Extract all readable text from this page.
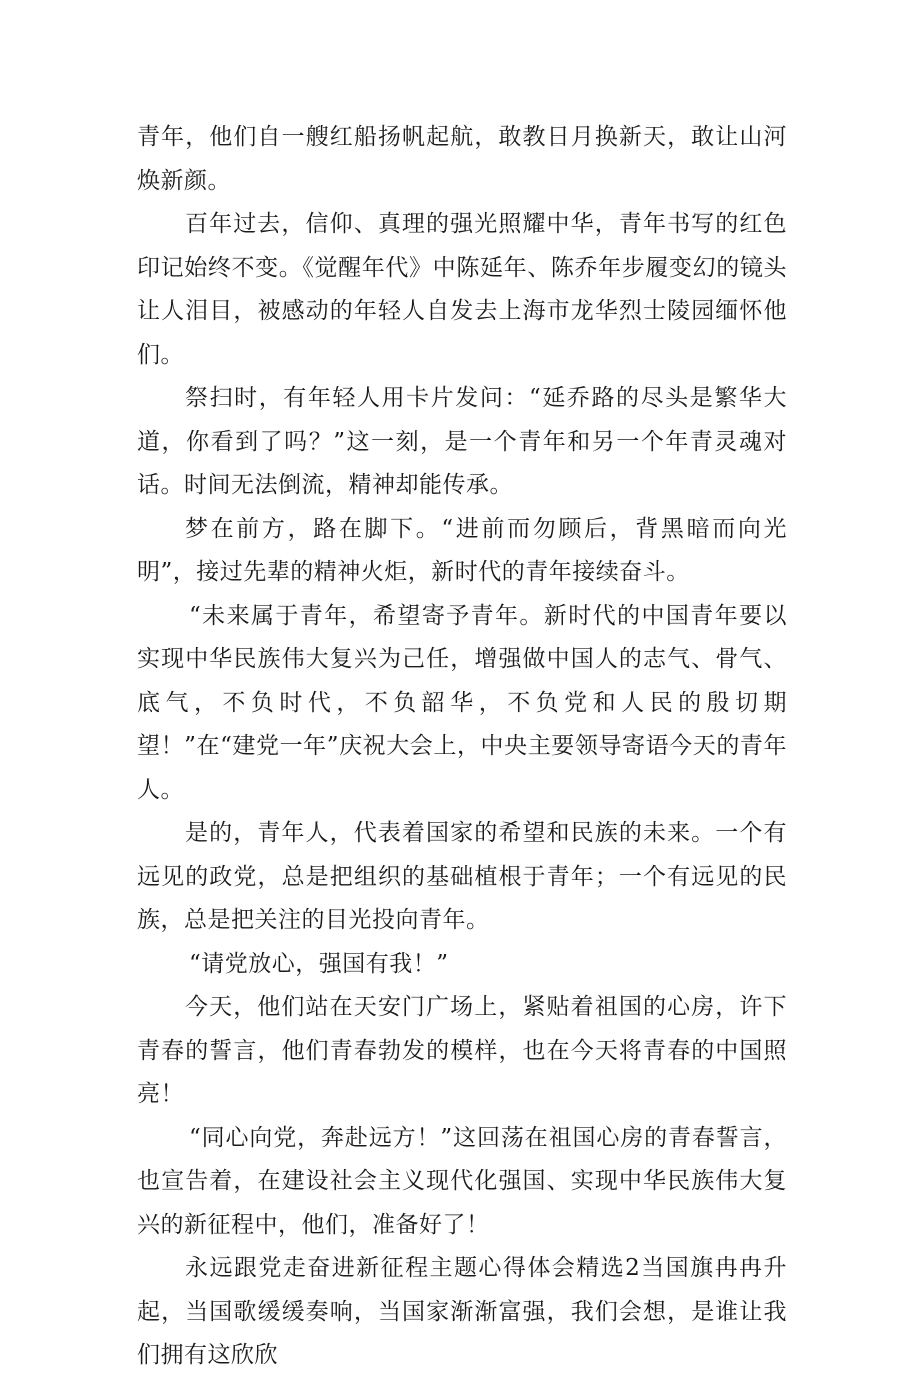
青年，他们自一艘红船扬帆起航，敢教日月换新天，敢让山河焕新颜。

百年过去，信仰、真理的强光照耀中华，青年书写的红色印记始终不变。《觉醒年代》中陈延年、陈乔年步履变幻的镜头让人泪目，被感动的年轻人自发去上海市龙华烈士陵园缅怀他们。

祭扫时，有年轻人用卡片发问：“延乔路的尽头是繁华大道，你看到了吗？”这一刻，是一个青年和另一个年青灵魂对话。时间无法倒流，精神却能传承。

梦在前方，路在脚下。“进前而勿顾后，背黑暗而向光明”，接过先辈的精神火炬，新时代的青年接续奋斗。

“未来属于青年，希望寄予青年。新时代的中国青年要以实现中华民族伟大复兴为己任，增强做中国人的志气、骨气、底气，不负时代，不负韶华，不负党和人民的殷切期望！”在“建党一年”庆祝大会上，中央主要领导寄语今天的青年人。

是的，青年人，代表着国家的希望和民族的未来。一个有远见的政党，总是把组织的基础植根于青年；一个有远见的民族，总是把关注的目光投向青年。

“请党放心，强国有我！”

今天，他们站在天安门广场上，紧贴着祖国的心房，许下青春的誓言，他们青春勃发的模样，也在今天将青春的中国照亮！

“同心向党，奔赴远方！”这回荡在祖国心房的青春誓言，也宣告着，在建设社会主义现代化强国、实现中华民族伟大复兴的新征程中，他们，准备好了！

永远跟党走奋进新征程主题心得体会精选2当国旗冉冉升起，当国歌缓缓奏响，当国家渐渐富强，我们会想，是谁让我们拥有这欣欣
